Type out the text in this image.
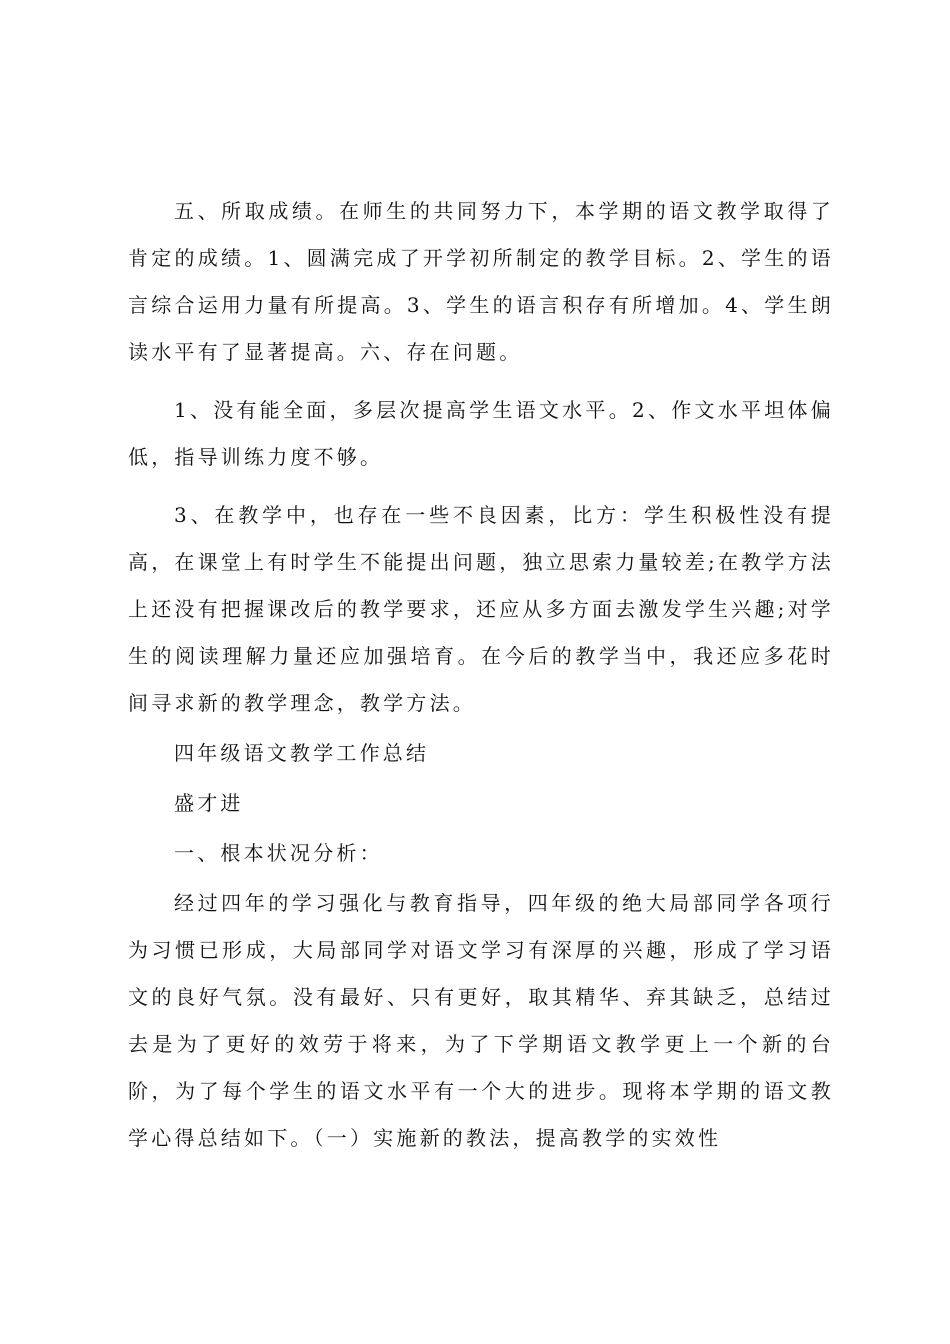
五、所取成绩。在师生的共同努力下，本学期的语文教学取得了肯定的成绩。1、圆满完成了开学初所制定的教学目标。2、学生的语言综合运用力量有所提高。3、学生的语言积存有所增加。4、学生朗读水平有了显著提高。六、存在问题。

1、没有能全面，多层次提高学生语文水平。2、作文水平坦体偏低，指导训练力度不够。

3、在教学中，也存在一些不良因素，比方：学生积极性没有提高，在课堂上有时学生不能提出问题，独立思索力量较差;在教学方法上还没有把握课改后的教学要求，还应从多方面去激发学生兴趣;对学生的阅读理解力量还应加强培育。在今后的教学当中，我还应多花时间寻求新的教学理念，教学方法。

四年级语文教学工作总结

盛才进

一、根本状况分析：

经过四年的学习强化与教育指导，四年级的绝大局部同学各项行为习惯已形成，大局部同学对语文学习有深厚的兴趣，形成了学习语文的良好气氛。没有最好、只有更好，取其精华、弃其缺乏，总结过去是为了更好的效劳于将来，为了下学期语文教学更上一个新的台阶，为了每个学生的语文水平有一个大的进步。现将本学期的语文教学心得总结如下。（一）实施新的教法，提高教学的实效性
